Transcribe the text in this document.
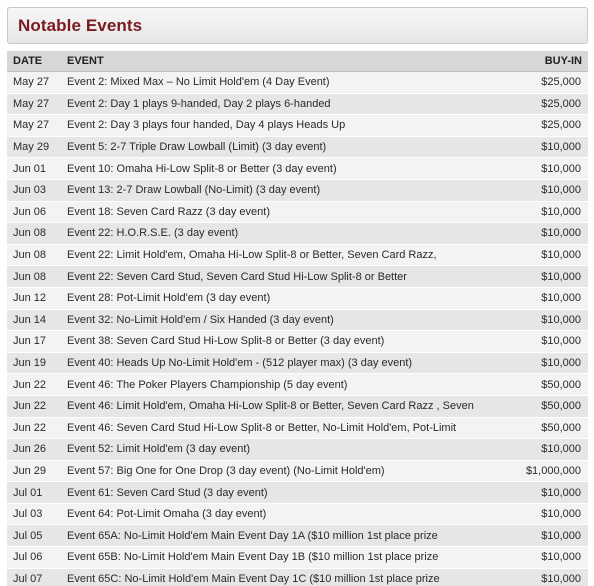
Notable Events
DATE	EVENT	BUY-IN
May 27	Event 2: Mixed Max – No Limit Hold'em (4 Day Event)	$25,000
May 27	Event 2: Day 1 plays 9-handed, Day 2 plays 6-handed	$25,000
May 27	Event 2: Day 3 plays four handed, Day 4 plays Heads Up	$25,000
May 29	Event 5: 2-7 Triple Draw Lowball (Limit) (3 day event)	$10,000
Jun 01	Event 10: Omaha Hi-Low Split-8 or Better (3 day event)	$10,000
Jun 03	Event 13: 2-7 Draw Lowball (No-Limit) (3 day event)	$10,000
Jun 06	Event 18: Seven Card Razz (3 day event)	$10,000
Jun 08	Event 22: H.O.R.S.E. (3 day event)	$10,000
Jun 08	Event 22: Limit Hold'em, Omaha Hi-Low Split-8 or Better, Seven Card Razz,	$10,000
Jun 08	Event 22: Seven Card Stud, Seven Card Stud Hi-Low Split-8 or Better	$10,000
Jun 12	Event 28: Pot-Limit Hold'em (3 day event)	$10,000
Jun 14	Event 32: No-Limit Hold'em / Six Handed (3 day event)	$10,000
Jun 17	Event 38: Seven Card Stud Hi-Low Split-8 or Better (3 day event)	$10,000
Jun 19	Event 40: Heads Up No-Limit Hold'em - (512 player max) (3 day event)	$10,000
Jun 22	Event 46: The Poker Players Championship (5 day event)	$50,000
Jun 22	Event 46: Limit Hold'em, Omaha Hi-Low Split-8 or Better, Seven Card Razz , Seven	$50,000
Jun 22	Event 46: Seven Card Stud Hi-Low Split-8 or Better, No-Limit Hold'em, Pot-Limit	$50,000
Jun 26	Event 52: Limit Hold'em (3 day event)	$10,000
Jun 29	Event 57: Big One for One Drop (3 day event) (No-Limit Hold'em)	$1,000,000
Jul 01	Event 61: Seven Card Stud (3 day event)	$10,000
Jul 03	Event 64: Pot-Limit Omaha (3 day event)	$10,000
Jul 05	Event 65A: No-Limit Hold'em Main Event Day 1A ($10 million 1st place prize	$10,000
Jul 06	Event 65B: No-Limit Hold'em Main Event Day 1B ($10 million 1st place prize	$10,000
Jul 07	Event 65C: No-Limit Hold'em Main Event Day 1C ($10 million 1st place prize	$10,000
